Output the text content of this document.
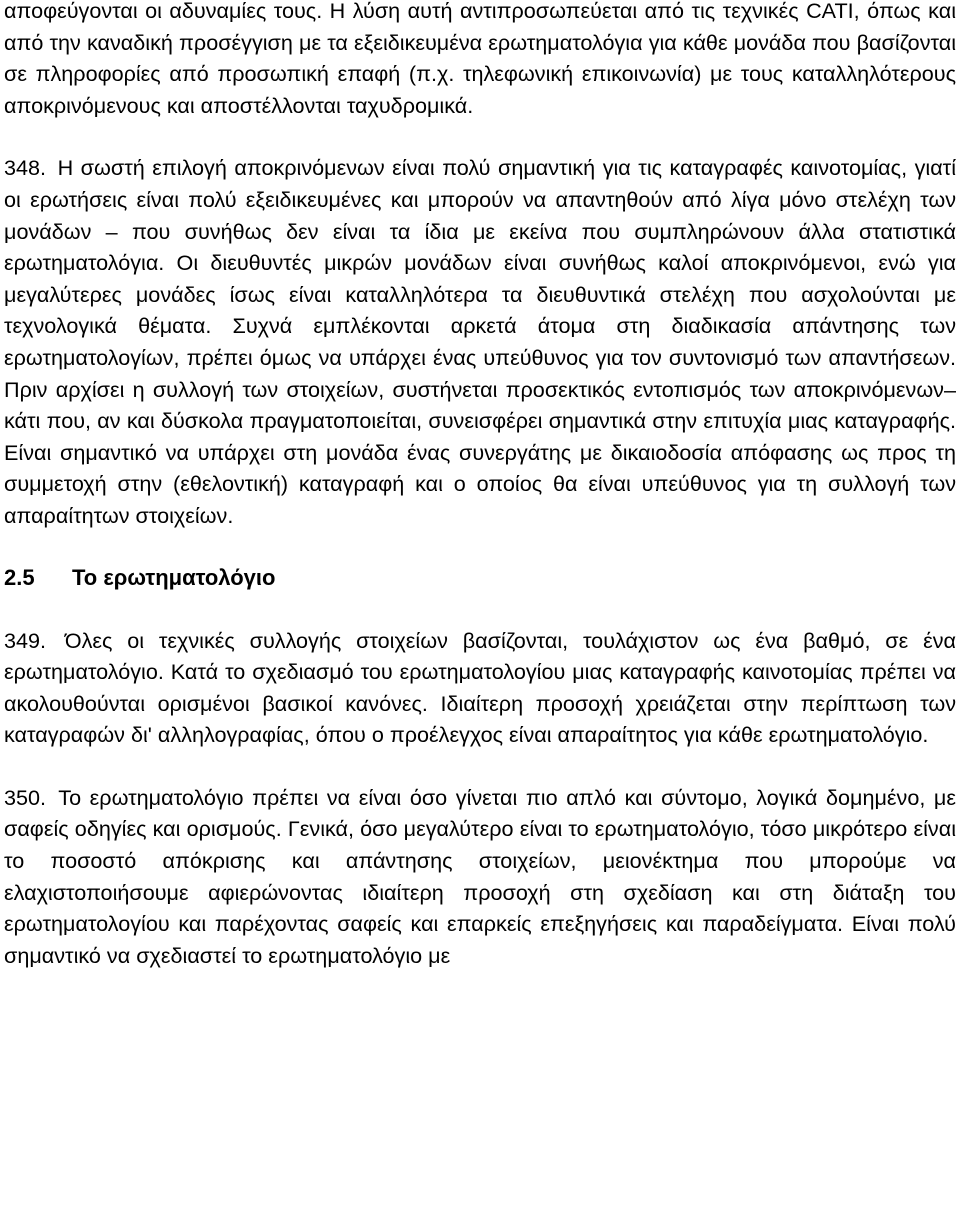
αποφεύγονται οι αδυναμίες τους. Η λύση αυτή αντιπροσωπεύεται από τις τεχνικές CATI, όπως και από την καναδική προσέγγιση με τα εξειδικευμένα ερωτηματολόγια για κάθε μονάδα που βασίζονται σε πληροφορίες από προσωπική επαφή (π.χ. τηλεφωνική επικοινωνία) με τους καταλληλότερους αποκρινόμενους και αποστέλλονται ταχυδρομικά.

348. Η σωστή επιλογή αποκρινόμενων είναι πολύ σημαντική για τις καταγραφές καινοτομίας, γιατί οι ερωτήσεις είναι πολύ εξειδικευμένες και μπορούν να απαντηθούν από λίγα μόνο στελέχη των μονάδων – που συνήθως δεν είναι τα ίδια με εκείνα που συμπληρώνουν άλλα στατιστικά ερωτηματολόγια. Οι διευθυντές μικρών μονάδων είναι συνήθως καλοί αποκρινόμενοι, ενώ για μεγαλύτερες μονάδες ίσως είναι καταλληλότερα τα διευθυντικά στελέχη που ασχολούνται με τεχνολογικά θέματα. Συχνά εμπλέκονται αρκετά άτομα στη διαδικασία απάντησης των ερωτηματολογίων, πρέπει όμως να υπάρχει ένας υπεύθυνος για τον συντονισμό των απαντήσεων. Πριν αρχίσει η συλλογή των στοιχείων, συστήνεται προσεκτικός εντοπισμός των αποκρινόμενων– κάτι που, αν και δύσκολα πραγματοποιείται, συνεισφέρει σημαντικά στην επιτυχία μιας καταγραφής. Είναι σημαντικό να υπάρχει στη μονάδα ένας συνεργάτης με δικαιοδοσία απόφασης ως προς τη συμμετοχή στην (εθελοντική) καταγραφή και ο οποίος θα είναι υπεύθυνος για τη συλλογή των απαραίτητων στοιχείων.

2.5 Το ερωτηματολόγιο

349. Όλες οι τεχνικές συλλογής στοιχείων βασίζονται, τουλάχιστον ως ένα βαθμό, σε ένα ερωτηματολόγιο. Κατά το σχεδιασμό του ερωτηματολογίου μιας καταγραφής καινοτομίας πρέπει να ακολουθούνται ορισμένοι βασικοί κανόνες. Ιδιαίτερη προσοχή χρειάζεται στην περίπτωση των καταγραφών δι' αλληλογραφίας, όπου ο προέλεγχος είναι απαραίτητος για κάθε ερωτηματολόγιο.

350. Το ερωτηματολόγιο πρέπει να είναι όσο γίνεται πιο απλό και σύντομο, λογικά δομημένο, με σαφείς οδηγίες και ορισμούς. Γενικά, όσο μεγαλύτερο είναι το ερωτηματολόγιο, τόσο μικρότερο είναι το ποσοστό απόκρισης και απάντησης στοιχείων, μειονέκτημα που μπορούμε να ελαχιστοποιήσουμε αφιερώνοντας ιδιαίτερη προσοχή στη σχεδίαση και στη διάταξη του ερωτηματολογίου και παρέχοντας σαφείς και επαρκείς επεξηγήσεις και παραδείγματα. Είναι πολύ σημαντικό να σχεδιαστεί το ερωτηματολόγιο με
